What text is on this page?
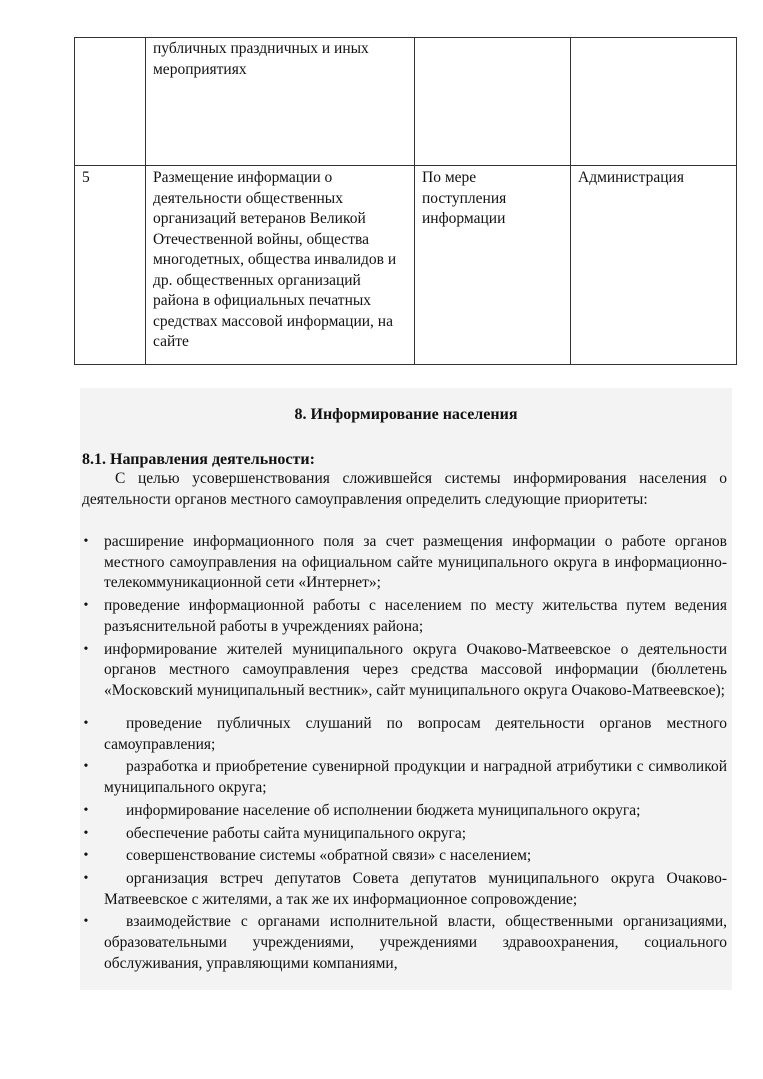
	публичных праздничных и иных мероприятиях		
5	Размещение информации о деятельности общественных организаций ветеранов Великой Отечественной войны, общества многодетных, общества инвалидов и др. общественных организаций района в официальных печатных средствах массовой информации, на сайте	По мере поступления информации	Администрация
8. Информирование населения
8.1. Направления деятельности:
С целью усовершенствования сложившейся системы информирования населения о деятельности органов местного самоуправления определить следующие приоритеты:
• расширение информационного поля за счет размещения информации о работе органов местного самоуправления на официальном сайте муниципального округа в информационно-телекоммуникационной сети «Интернет»;
• проведение информационной работы с населением по месту жительства путем ведения разъяснительной работы в учреждениях района;
• информирование жителей муниципального округа Очаково-Матвеевское о деятельности органов местного самоуправления через средства массовой информации (бюллетень «Московский муниципальный вестник», сайт муниципального округа Очаково-Матвеевское);
• проведение публичных слушаний по вопросам деятельности органов местного самоуправления;
• разработка и приобретение сувенирной продукции и наградной атрибутики с символикой муниципального округа;
• информирование население об исполнении бюджета муниципального округа;
• обеспечение работы сайта муниципального округа;
• совершенствование системы «обратной связи» с населением;
• организация встреч депутатов Совета депутатов муниципального округа Очаково-Матвеевское с жителями, а так же их информационное сопровождение;
• взаимодействие с органами исполнительной власти, общественными организациями, образовательными учреждениями, учреждениями здравоохранения, социального обслуживания, управляющими компаниями,
